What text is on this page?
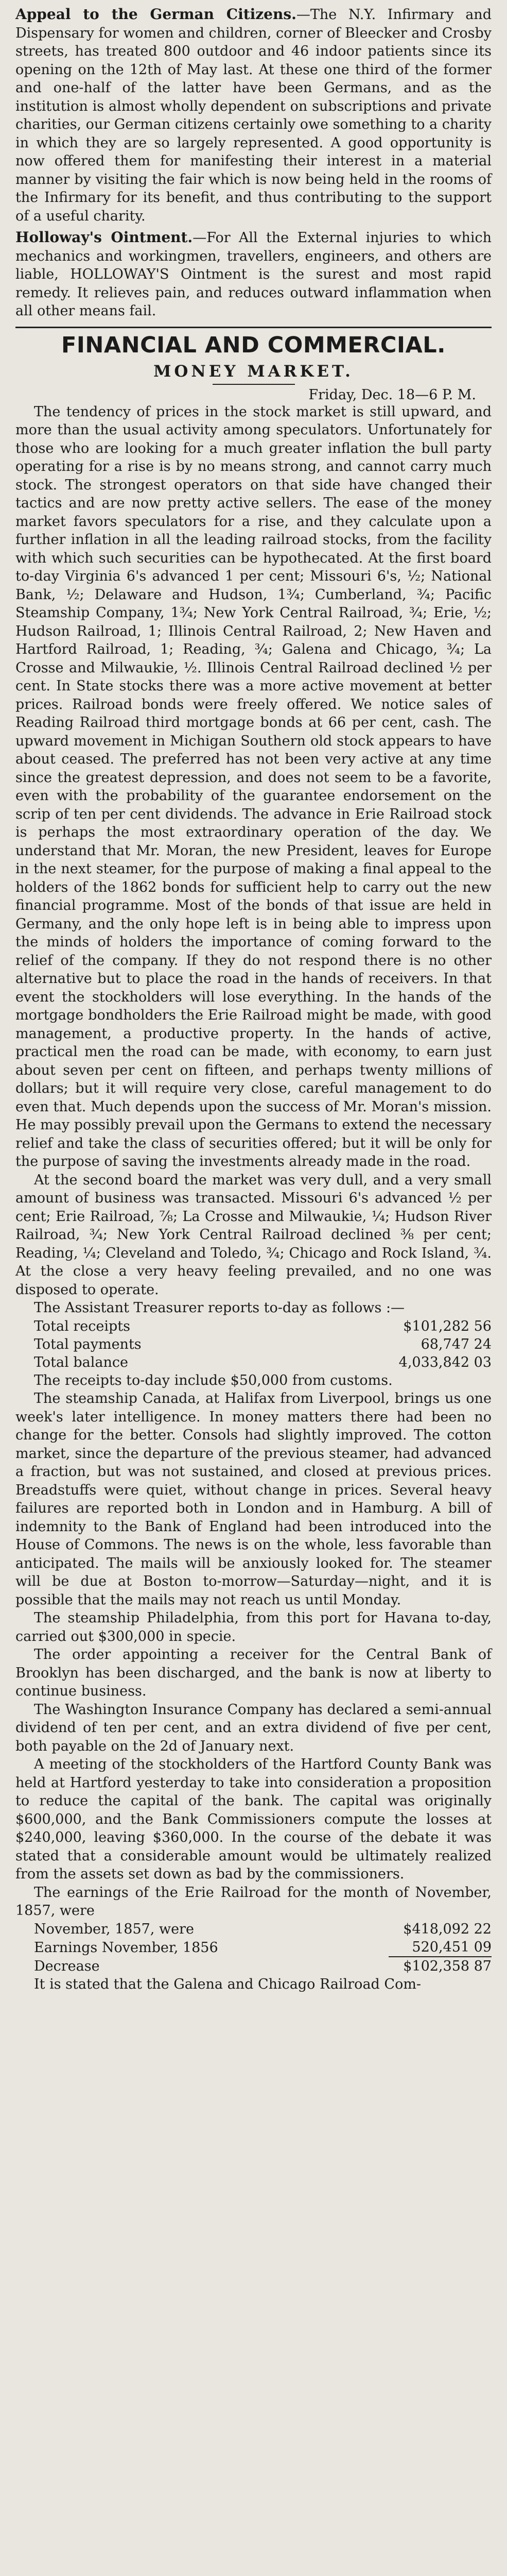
Appeal to the German Citizens.—The N.Y. Infirmary and Dispensary for women and children, corner of Bleecker and Crosby streets, has treated 800 outdoor and 46 indoor patients since its opening on the 12th of May last. At these one third of the former and one-half of the latter have been Germans, and as the institution is almost wholly dependent on subscriptions and private charities, our German citizens certainly owe something to a charity in which they are so largely represented. A good opportunity is now offered them for manifesting their interest in a material manner by visiting the fair which is now being held in the rooms of the Infirmary for its benefit, and thus contributing to the support of a useful charity.

Holloway's Ointment.—For All the External injuries to which mechanics and workingmen, travellers, engineers, and others are liable, HOLLOWAY'S Ointment is the surest and most rapid remedy. It relieves pain, and reduces outward inflammation when all other means fail.

FINANCIAL AND COMMERCIAL.
MONEY MARKET.
Friday, Dec. 18—6 P. M.

The tendency of prices in the stock market is still upward, and more than the usual activity among speculators. Unfortunately for those who are looking for a much greater inflation the bull party operating for a rise is by no means strong, and cannot carry much stock. The strongest operators on that side have changed their tactics and are now pretty active sellers. The ease of the money market favors speculators for a rise, and they calculate upon a further inflation in all the leading railroad stocks, from the facility with which such securities can be hypothecated. At the first board to-day Virginia 6's advanced 1 per cent; Missouri 6's, ½; National Bank, ½; Delaware and Hudson, 1¾; Cumberland, ¾; Pacific Steamship Company, 1¾; New York Central Railroad, ¾; Erie, ½; Hudson Railroad, 1; Illinois Central Railroad, 2; New Haven and Hartford Railroad, 1; Reading, ¾; Galena and Chicago, ¾; La Crosse and Milwaukie, ½. Illinois Central Railroad declined ½ per cent. In State stocks there was a more active movement at better prices. Railroad bonds were freely offered. We notice sales of Reading Railroad third mortgage bonds at 66 per cent, cash. The upward movement in Michigan Southern old stock appears to have about ceased. The preferred has not been very active at any time since the greatest depression, and does not seem to be a favorite, even with the probability of the guarantee endorsement on the scrip of ten per cent dividends. The advance in Erie Railroad stock is perhaps the most extraordinary operation of the day. We understand that Mr. Moran, the new President, leaves for Europe in the next steamer, for the purpose of making a final appeal to the holders of the 1862 bonds for sufficient help to carry out the new financial programme. Most of the bonds of that issue are held in Germany, and the only hope left is in being able to impress upon the minds of holders the importance of coming forward to the relief of the company. If they do not respond there is no other alternative but to place the road in the hands of receivers. In that event the stockholders will lose everything. In the hands of the mortgage bondholders the Erie Railroad might be made, with good management, a productive property. In the hands of active, practical men the road can be made, with economy, to earn just about seven per cent on fifteen, and perhaps twenty millions of dollars; but it will require very close, careful management to do even that. Much depends upon the success of Mr. Moran's mission. He may possibly prevail upon the Germans to extend the necessary relief and take the class of securities offered; but it will be only for the purpose of saving the investments already made in the road.

At the second board the market was very dull, and a very small amount of business was transacted. Missouri 6's advanced ½ per cent; Erie Railroad, ⅞; La Crosse and Milwaukie, ¼; Hudson River Railroad, ¾; New York Central Railroad declined ⅜ per cent; Reading, ¼; Cleveland and Toledo, ¾; Chicago and Rock Island, ¾. At the close a very heavy feeling prevailed, and no one was disposed to operate.

The Assistant Treasurer reports to-day as follows :—

Total receipts	$101,282 56
Total payments	68,747 24
Total balance	4,033,842 03

The receipts to-day include $50,000 from customs.

The steamship Canada, at Halifax from Liverpool, brings us one week's later intelligence. In money matters there had been no change for the better. Consols had slightly improved. The cotton market, since the departure of the previous steamer, had advanced a fraction, but was not sustained, and closed at previous prices. Breadstuffs were quiet, without change in prices. Several heavy failures are reported both in London and in Hamburg. A bill of indemnity to the Bank of England had been introduced into the House of Commons. The news is on the whole, less favorable than anticipated. The mails will be anxiously looked for. The steamer will be due at Boston to-morrow—Saturday—night, and it is possible that the mails may not reach us until Monday.

The steamship Philadelphia, from this port for Havana to-day, carried out $300,000 in specie.

The order appointing a receiver for the Central Bank of Brooklyn has been discharged, and the bank is now at liberty to continue business.

The Washington Insurance Company has declared a semi-annual dividend of ten per cent, and an extra dividend of five per cent, both payable on the 2d of January next.

A meeting of the stockholders of the Hartford County Bank was held at Hartford yesterday to take into consideration a proposition to reduce the capital of the bank. The capital was originally $600,000, and the Bank Commissioners compute the losses at $240,000, leaving $360,000. In the course of the debate it was stated that a considerable amount would be ultimately realized from the assets set down as bad by the commissioners.

The earnings of the Erie Railroad for the month of November, 1857, were

November, 1857, were	$418,092 22
Earnings November, 1856	520,451 09
Decrease	$102,358 87

It is stated that the Galena and Chicago Railroad Com-
